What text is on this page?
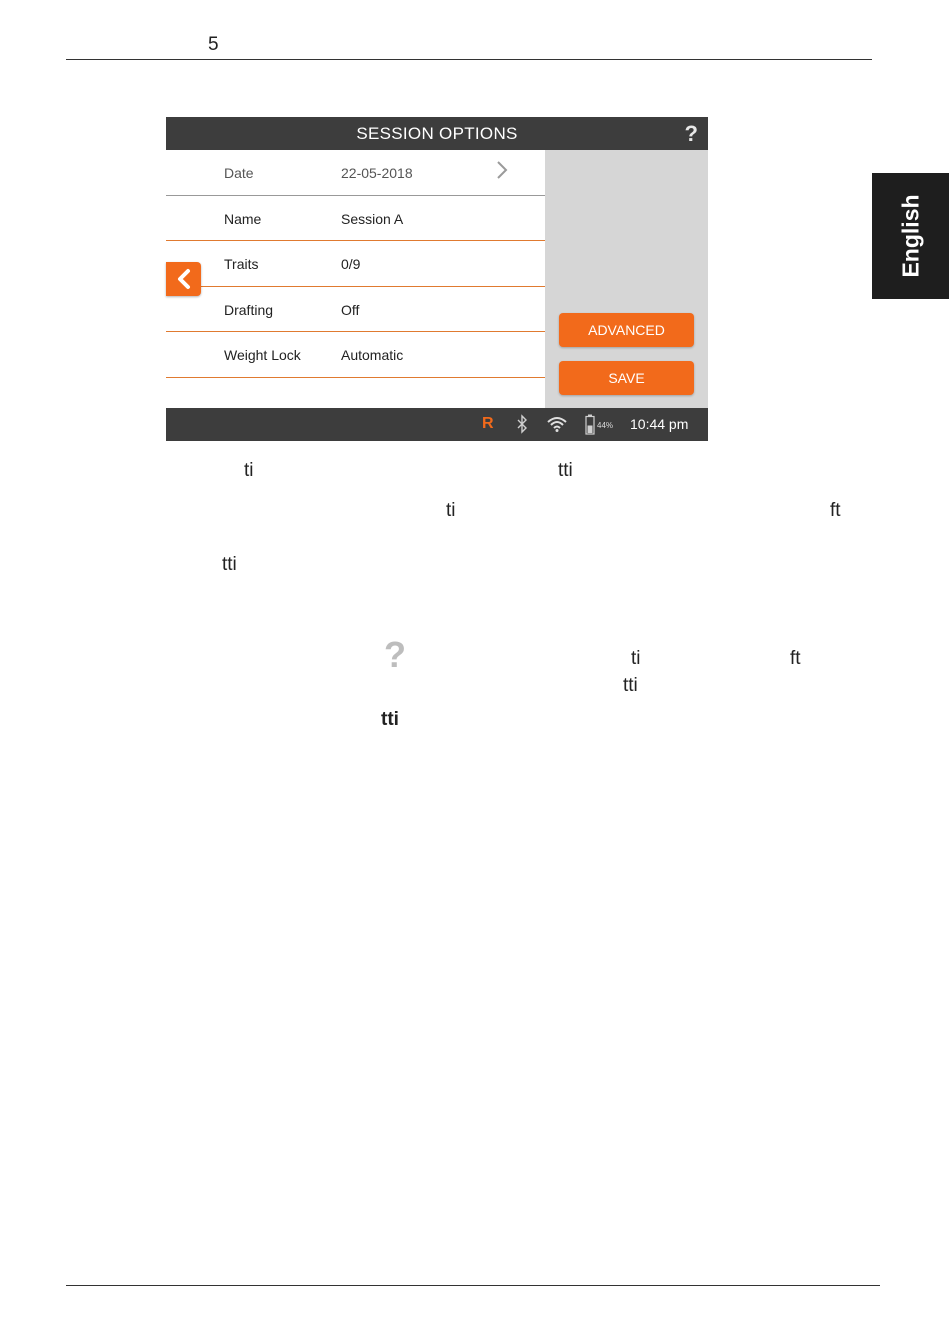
5
English
SESSION OPTIONS	?
Date	22-05-2018
Name	Session A
Traits	0/9
Drafting	Off
Weight Lock	Automatic
ADVANCED
SAVE
R	44% 10:44 pm
ti	tti
ti	ft
tti
?	ti	ft
tti
tti
